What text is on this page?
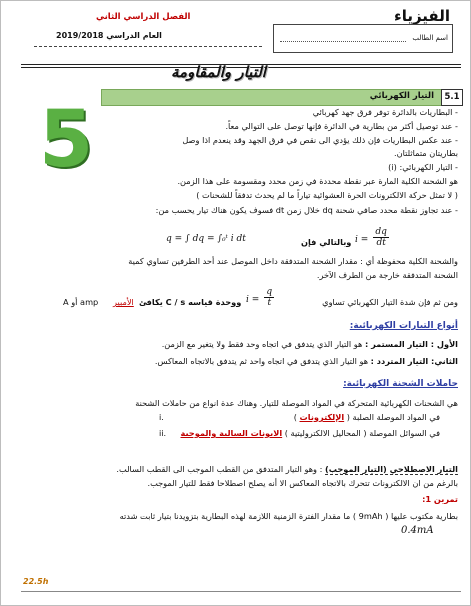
الفيزياء
الفصل الدراسي الثاني
العام الدراسي 2019/2018	اسم الطالب
التيار والمقاومة
5.1
التيار الكهربائي
5	- البطاريات بالدائرة توفر فرق جهد كهربائي
- عند توصيل أكثر من بطارية في الدائرة فإنها توصل على التوالي معاً.
- عند عكس البطاريات فإن ذلك يؤدي الى نقص في فرق الجهد وقد ينعدم اذا وصل
بطاريتان متماثلتان.
- التيار الكهربائي: (i)
هو الشحنة الكلية المارة عبر نقطة محددة في زمن محدد ومقسومة على هذا الزمن.
( لا تمثل حركة الالكترونات الحرة العشوائية تياراً ما لم يحدث تدفقاً للشحنات )
- عند تجاوز نقطة محدد صافي شحنة dq خلال زمن dt فسوف يكون هناك تيار يحسب من:
q = ∫ dq = ∫₀ᵗ i dt	وبالتالي فإن $i = \frac{dq}{dt}$
والشحنة الكلية محفوظة أي : مقدار الشحنة المتدفقة داخل الموصل عند أحد الطرفين تساوي كمية
الشحنة المتدفقة خارجة من الطرف الآخر.
ومن ثم فإن شدة التيار الكهربائي تساوي
$i = \frac{q}{t}$
ووحدة قياسه C / s يكافئ
الأمبير
A أو amp
أنواع التيارات الكهربائية:
الأول : التيار المستمر : هو التيار الذي يتدفق في اتجاه وحد فقط ولا يتغير مع الزمن.
الثاني: التيار المتردد : هو التيار الذي يتدفق في اتجاه واحد ثم يتدفق بالاتجاه المعاكس.
حاملات الشحنة الكهربائية:
هي الشحنات الكهربائية المتحركة في المواد الموصلة للتيار. وهناك عدة انواع من حاملات الشحنة
في المواد الموصلة الصلبة ( الإلكترونات )
i.
في السوائل الموصلة ( المحاليل الالكتروليتية ) الايونات السالبة والموجبة
ii.
التيار الاصطلاحي (التيار الموجب) : وهو التيار المتدفق من القطب الموجب الى القطب السالب.
بالرغم من ان الالكترونات تتحرك بالاتجاه المعاكس الا أنه يصلح اصطلاحا فقط للتيار الموجب.
تمرين 1:
بطارية مكتوب عليها ( 9mAh ) ما مقدار الفترة الزمنية اللازمة لهذه البطارية بتزويدنا بتيار ثابت شدته
0.4mA
22.5h
